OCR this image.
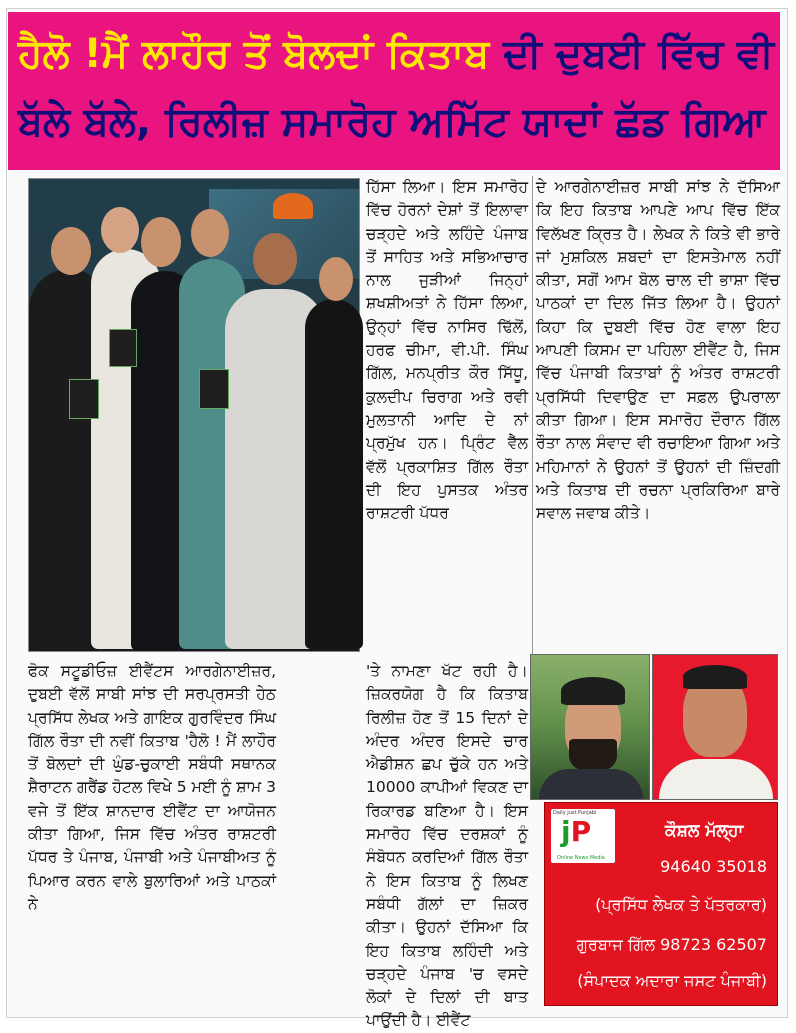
ਹੈਲੋ !ਮੈਂ ਲਾਹੌਰ ਤੋਂ ਬੋਲਦਾਂ ਕਿਤਾਬ ਦੀ ਦੁਬਈ ਵਿੱਚ ਵੀ
ਬੱਲੇ ਬੱਲੇ, ਰਿਲੀਜ਼ ਸਮਾਰੋਹ ਅਮਿੱਟ ਯਾਦਾਂ ਛੱਡ ਗਿਆ

ਹਿੱਸਾ ਲਿਆ। ਇਸ ਸਮਾਰੋਹ ਵਿੱਚ ਹੋਰਨਾਂ ਦੇਸ਼ਾਂ ਤੋਂ ਇਲਾਵਾ ਚੜ੍ਹਦੇ ਅਤੇ ਲਹਿੰਦੇ ਪੰਜਾਬ ਤੋਂ ਸਾਹਿਤ ਅਤੇ ਸਭਿਆਚਾਰ ਨਾਲ ਜੁੜੀਆਂ ਜਿਨ੍ਹਾਂ ਸ਼ਖਸ਼ੀਅਤਾਂ ਨੇ ਹਿੱਸਾ ਲਿਆ, ਉਨ੍ਹਾਂ ਵਿੱਚ ਨਾਸਿਰ ਢਿੱਲੋਂ, ਹਰਫ ਚੀਮਾ, ਵੀ.ਪੀ. ਸਿੰਘ ਗਿੱਲ, ਮਨਪ੍ਰੀਤ ਕੌਰ ਸਿੱਧੂ, ਕੁਲਦੀਪ ਚਿਰਾਗ ਅਤੇ ਰਵੀ ਮੁਲਤਾਨੀ ਆਦਿ ਦੇ ਨਾਂ ਪ੍ਰਮੁੱਖ ਹਨ। ਪ੍ਰਿੰਟ ਵੈੱਲ ਵੱਲੋਂ ਪ੍ਰਕਾਸ਼ਿਤ ਗਿੱਲ ਰੌਤਾ ਦੀ ਇਹ ਪੁਸਤਕ ਅੰਤਰ ਰਾਸ਼ਟਰੀ ਪੱਧਰ

ਦੇ ਆਰਗੇਨਾਈਜ਼ਰ ਸਾਬੀ ਸਾਂਝ ਨੇ ਦੱਸਿਆ ਕਿ ਇਹ ਕਿਤਾਬ ਆਪਣੇ ਆਪ ਵਿੱਚ ਇੱਕ ਵਿਲੱਖਣ ਕ੍ਰਿਤ ਹੈ। ਲੇਖਕ ਨੇ ਕਿਤੇ ਵੀ ਭਾਰੇ ਜਾਂ ਮੁਸ਼ਕਿਲ ਸ਼ਬਦਾਂ ਦਾ ਇਸਤੇਮਾਲ ਨਹੀਂ ਕੀਤਾ, ਸਗੋਂ ਆਮ ਬੋਲ ਚਾਲ ਦੀ ਭਾਸ਼ਾ ਵਿੱਚ ਪਾਠਕਾਂ ਦਾ ਦਿਲ ਜਿੱਤ ਲਿਆ ਹੈ। ਉਹਨਾਂ ਕਿਹਾ ਕਿ ਦੁਬਈ ਵਿੱਚ ਹੋਣ ਵਾਲਾ ਇਹ ਆਪਣੀ ਕਿਸਮ ਦਾ ਪਹਿਲਾ ਈਵੈਂਟ ਹੈ, ਜਿਸ ਵਿੱਚ ਪੰਜਾਬੀ ਕਿਤਾਬਾਂ ਨੂੰ ਅੰਤਰ ਰਾਸ਼ਟਰੀ ਪ੍ਰਸਿੱਧੀ ਦਿਵਾਉਣ ਦਾ ਸਫ਼ਲ ਉਪਰਾਲਾ ਕੀਤਾ ਗਿਆ। ਇਸ ਸਮਾਰੋਹ ਦੌਰਾਨ ਗਿੱਲ ਰੌਤਾ ਨਾਲ ਸੰਵਾਦ ਵੀ ਰਚਾਇਆ ਗਿਆ ਅਤੇ ਮਹਿਮਾਨਾਂ ਨੇ ਉਹਨਾਂ ਤੋਂ ਉਹਨਾਂ ਦੀ ਜ਼ਿੰਦਗੀ ਅਤੇ ਕਿਤਾਬ ਦੀ ਰਚਨਾ ਪ੍ਰਕਿਰਿਆ ਬਾਰੇ ਸਵਾਲ ਜਵਾਬ ਕੀਤੇ।

ਫੋਕ ਸਟੂਡੀਓਜ਼ ਈਵੈਂਟਸ ਆਰਗੇਨਾਈਜ਼ਰ, ਦੁਬਈ ਵੱਲੋਂ ਸਾਬੀ ਸਾਂਝ ਦੀ ਸਰਪ੍ਰਸਤੀ ਹੇਠ ਪ੍ਰਸਿੱਧ ਲੇਖਕ ਅਤੇ ਗਾਇਕ ਗੁਰਵਿੰਦਰ ਸਿੰਘ ਗਿੱਲ ਰੌਤਾ ਦੀ ਨਵੀਂ ਕਿਤਾਬ 'ਹੈਲੋ ! ਮੈਂ ਲਾਹੌਰ ਤੋਂ ਬੋਲਦਾਂ ਦੀ ਘੁੰਡ-ਚੁਕਾਈ ਸਬੰਧੀ ਸਥਾਨਕ ਸ਼ੈਰਾਟਨ ਗਰੈਂਡ ਹੋਟਲ ਵਿਖੇ 5 ਮਈ ਨੂੰ ਸ਼ਾਮ 3 ਵਜੇ ਤੋਂ ਇੱਕ ਸ਼ਾਨਦਾਰ ਈਵੈਂਟ ਦਾ ਆਯੋਜਨ ਕੀਤਾ ਗਿਆ, ਜਿਸ ਵਿੱਚ ਅੰਤਰ ਰਾਸ਼ਟਰੀ ਪੱਧਰ ਤੇ ਪੰਜਾਬ, ਪੰਜਾਬੀ ਅਤੇ ਪੰਜਾਬੀਅਤ ਨੂੰ ਪਿਆਰ ਕਰਨ ਵਾਲੇ ਬੁਲਾਰਿਆਂ ਅਤੇ ਪਾਠਕਾਂ ਨੇ

'ਤੇ ਨਾਮਣਾ ਖੱਟ ਰਹੀ ਹੈ। ਜ਼ਿਕਰਯੋਗ ਹੈ ਕਿ ਕਿਤਾਬ ਰਿਲੀਜ਼ ਹੋਣ ਤੋਂ 15 ਦਿਨਾਂ ਦੇ ਅੰਦਰ ਅੰਦਰ ਇਸਦੇ ਚਾਰ ਐਡੀਸ਼ਨ ਛਪ ਚੁੱਕੇ ਹਨ ਅਤੇ 10000 ਕਾਪੀਆਂ ਵਿਕਣ ਦਾ ਰਿਕਾਰਡ ਬਣਿਆ ਹੈ। ਇਸ ਸਮਾਰੋਹ ਵਿੱਚ ਦਰਸ਼ਕਾਂ ਨੂੰ ਸੰਬੋਧਨ ਕਰਦਿਆਂ ਗਿੱਲ ਰੌਤਾ ਨੇ ਇਸ ਕਿਤਾਬ ਨੂੰ ਲਿਖਣ ਸਬੰਧੀ ਗੱਲਾਂ ਦਾ ਜ਼ਿਕਰ ਕੀਤਾ। ਉਹਨਾਂ ਦੱਸਿਆ ਕਿ ਇਹ ਕਿਤਾਬ ਲਹਿੰਦੀ ਅਤੇ ਚੜ੍ਹਦੇ ਪੰਜਾਬ 'ਚ ਵਸਦੇ ਲੋਕਾਂ ਦੇ ਦਿਲਾਂ ਦੀ ਬਾਤ ਪਾਉਂਦੀ ਹੈ। ਈਵੈਂਟ

Daily Just Punjabi
jP
Online News Media
ਕੌਸ਼ਲ ਮੱਲ੍ਹਾ
94640 35018
(ਪ੍ਰਸਿੱਧ ਲੇਖਕ ਤੇ ਪੱਤਰਕਾਰ)
ਗੁਰਬਾਜ ਗਿੱਲ 98723 62507
(ਸੰਪਾਦਕ ਅਦਾਰਾ ਜਸਟ ਪੰਜਾਬੀ)
